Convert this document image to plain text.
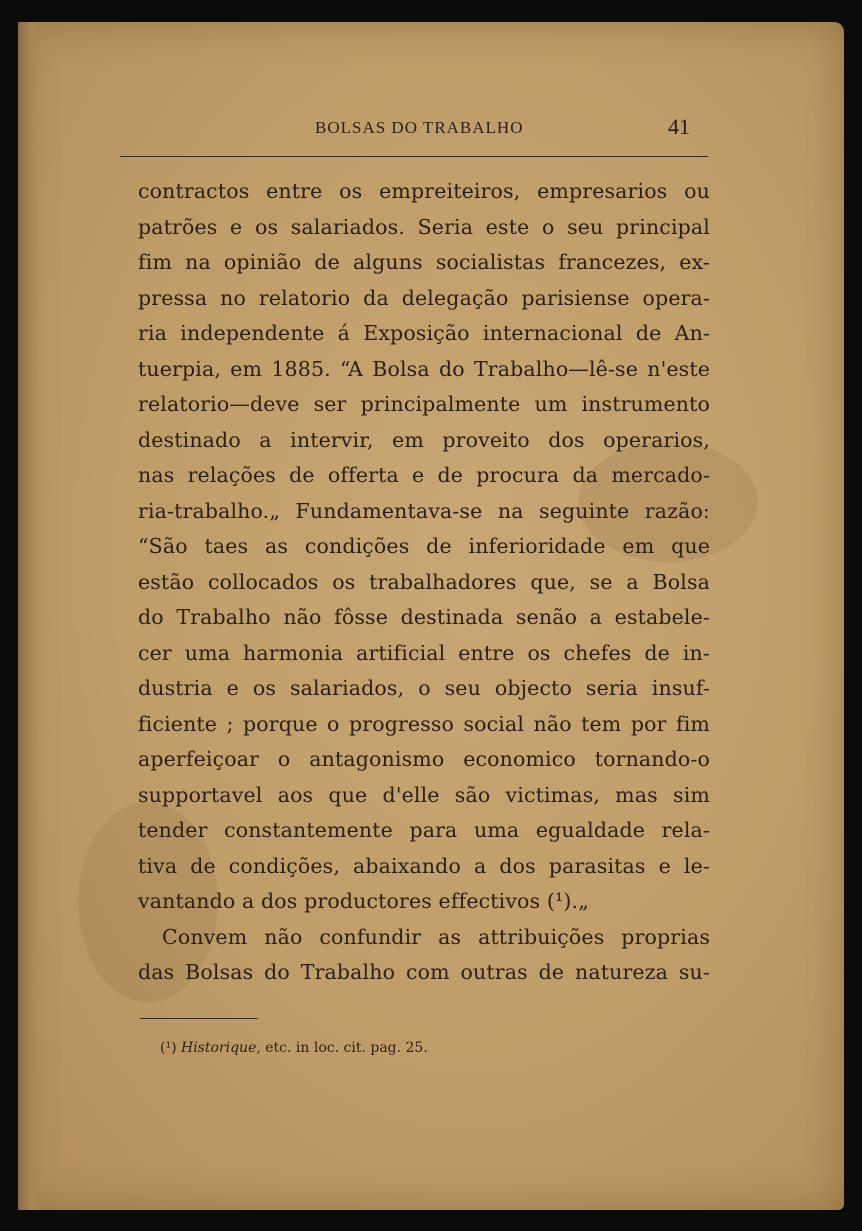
BOLSAS DO TRABALHO	41
contractos entre os empreiteiros, empresarios ou
patrões e os salariados. Seria este o seu principal
fim na opinião de alguns socialistas francezes, ex-
pressa no relatorio da delegação parisiense opera-
ria independente á Exposição internacional de An-
tuerpia, em 1885. “A Bolsa do Trabalho—lê-se n'este
relatorio—deve ser principalmente um instrumento
destinado a intervir, em proveito dos operarios,
nas relações de offerta e de procura da mercado-
ria-trabalho.„ Fundamentava-se na seguinte razão:
“São taes as condições de inferioridade em que
estão collocados os trabalhadores que, se a Bolsa
do Trabalho não fôsse destinada senão a estabele-
cer uma harmonia artificial entre os chefes de in-
dustria e os salariados, o seu objecto seria insuf-
ficiente ; porque o progresso social não tem por fim
aperfeiçoar o antagonismo economico tornando-o
supportavel aos que d'elle são victimas, mas sim
tender constantemente para uma egualdade rela-
tiva de condições, abaixando a dos parasitas e le-
vantando a dos productores effectivos (¹).„
Convem não confundir as attribuições proprias
das Bolsas do Trabalho com outras de natureza su-
(¹) Historique, etc. in loc. cit. pag. 25.
